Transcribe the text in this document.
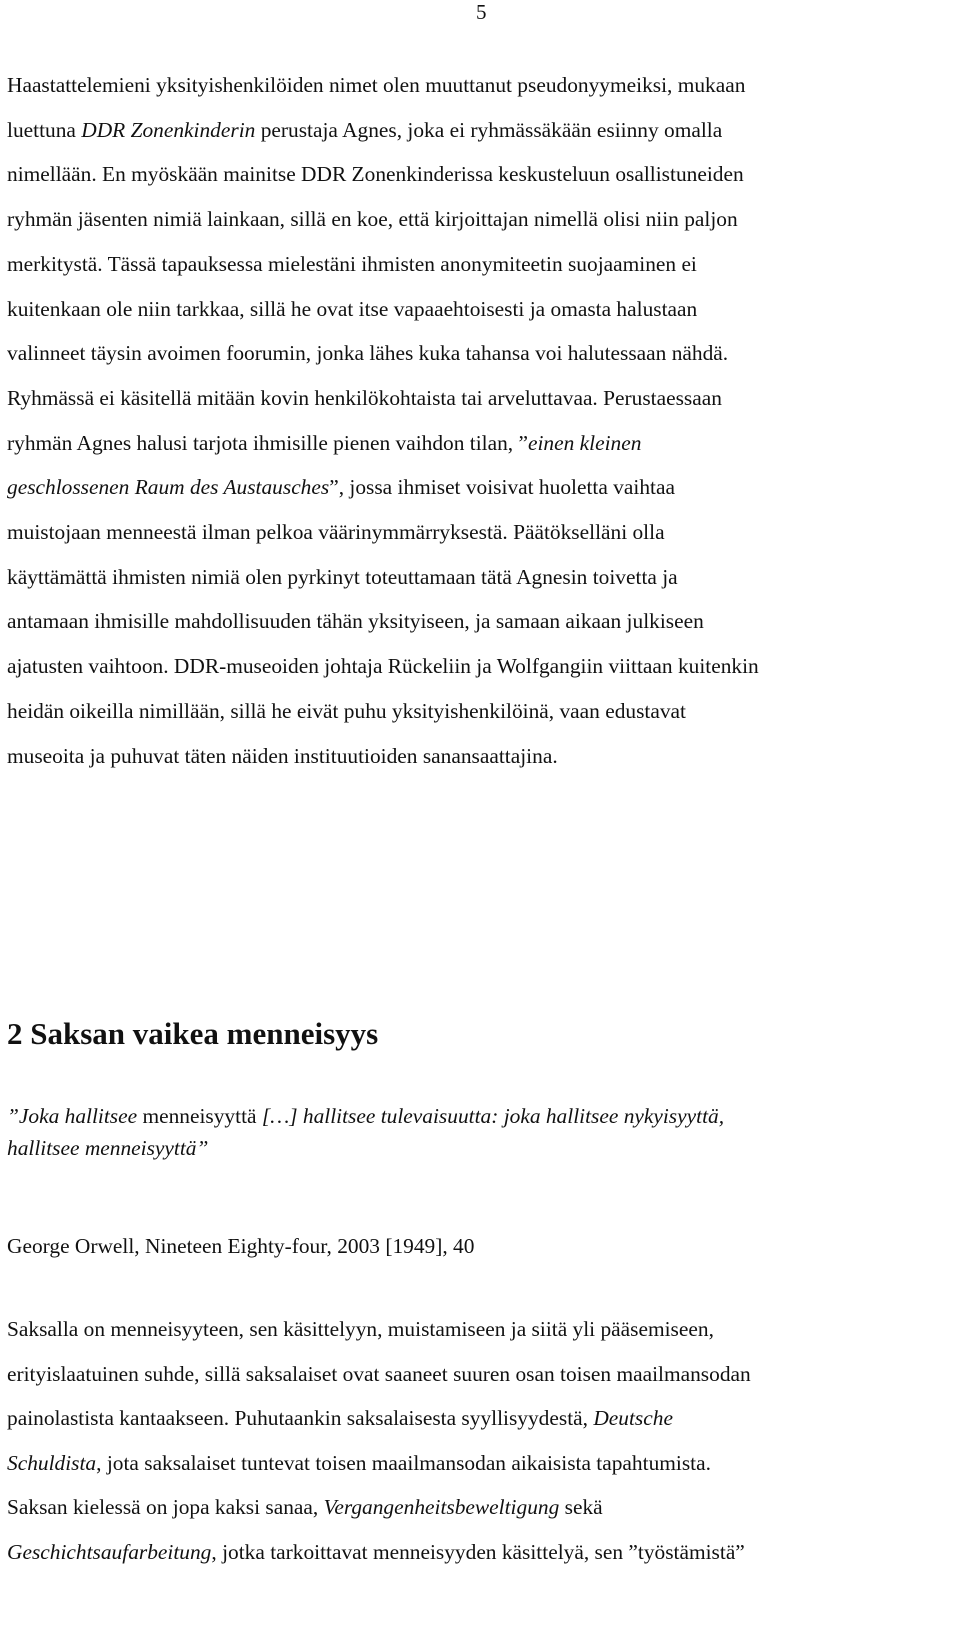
5
Haastattelemieni yksityishenkilöiden nimet olen muuttanut pseudonyymeiksi, mukaan
luettuna DDR Zonenkinderin perustaja Agnes, joka ei ryhmässäkään esiinny omalla
nimellään. En myöskään mainitse DDR Zonenkinderissa keskusteluun osallistuneiden
ryhmän jäsenten nimiä lainkaan, sillä en koe, että kirjoittajan nimellä olisi niin paljon
merkitystä. Tässä tapauksessa mielestäni ihmisten anonymiteetin suojaaminen ei
kuitenkaan ole niin tarkkaa, sillä he ovat itse vapaaehtoisesti ja omasta halustaan
valinneet täysin avoimen foorumin, jonka lähes kuka tahansa voi halutessaan nähdä.
Ryhmässä ei käsitellä mitään kovin henkilökohtaista tai arveluttavaa. Perustaessaan
ryhmän Agnes halusi tarjota ihmisille pienen vaihdon tilan, ”einen kleinen
geschlossenen Raum des Austausches”, jossa ihmiset voisivat huoletta vaihtaa
muistojaan menneestä ilman pelkoa väärinymmärryksestä. Päätökselläni olla
käyttämättä ihmisten nimiä olen pyrkinyt toteuttamaan tätä Agnesin toivetta ja
antamaan ihmisille mahdollisuuden tähän yksityiseen, ja samaan aikaan julkiseen
ajatusten vaihtoon. DDR-museoiden johtaja Rückeliin ja Wolfgangiin viittaan kuitenkin
heidän oikeilla nimillään, sillä he eivät puhu yksityishenkilöinä, vaan edustavat
museoita ja puhuvat täten näiden instituutioiden sanansaattajina.
2 Saksan vaikea menneisyys
”Joka hallitsee menneisyyttä […] hallitsee tulevaisuutta: joka hallitsee nykyisyyttä,
hallitsee menneisyyttä”
George Orwell, Nineteen Eighty-four, 2003 [1949], 40
Saksalla on menneisyyteen, sen käsittelyyn, muistamiseen ja siitä yli pääsemiseen,
erityislaatuinen suhde, sillä saksalaiset ovat saaneet suuren osan toisen maailmansodan
painolastista kantaakseen. Puhutaankin saksalaisesta syyllisyydestä, Deutsche
Schuldista, jota saksalaiset tuntevat toisen maailmansodan aikaisista tapahtumista.
Saksan kielessä on jopa kaksi sanaa, Vergangenheitsbeweltigung sekä
Geschichtsaufarbeitung, jotka tarkoittavat menneisyyden käsittelyä, sen ”työstämistä”
